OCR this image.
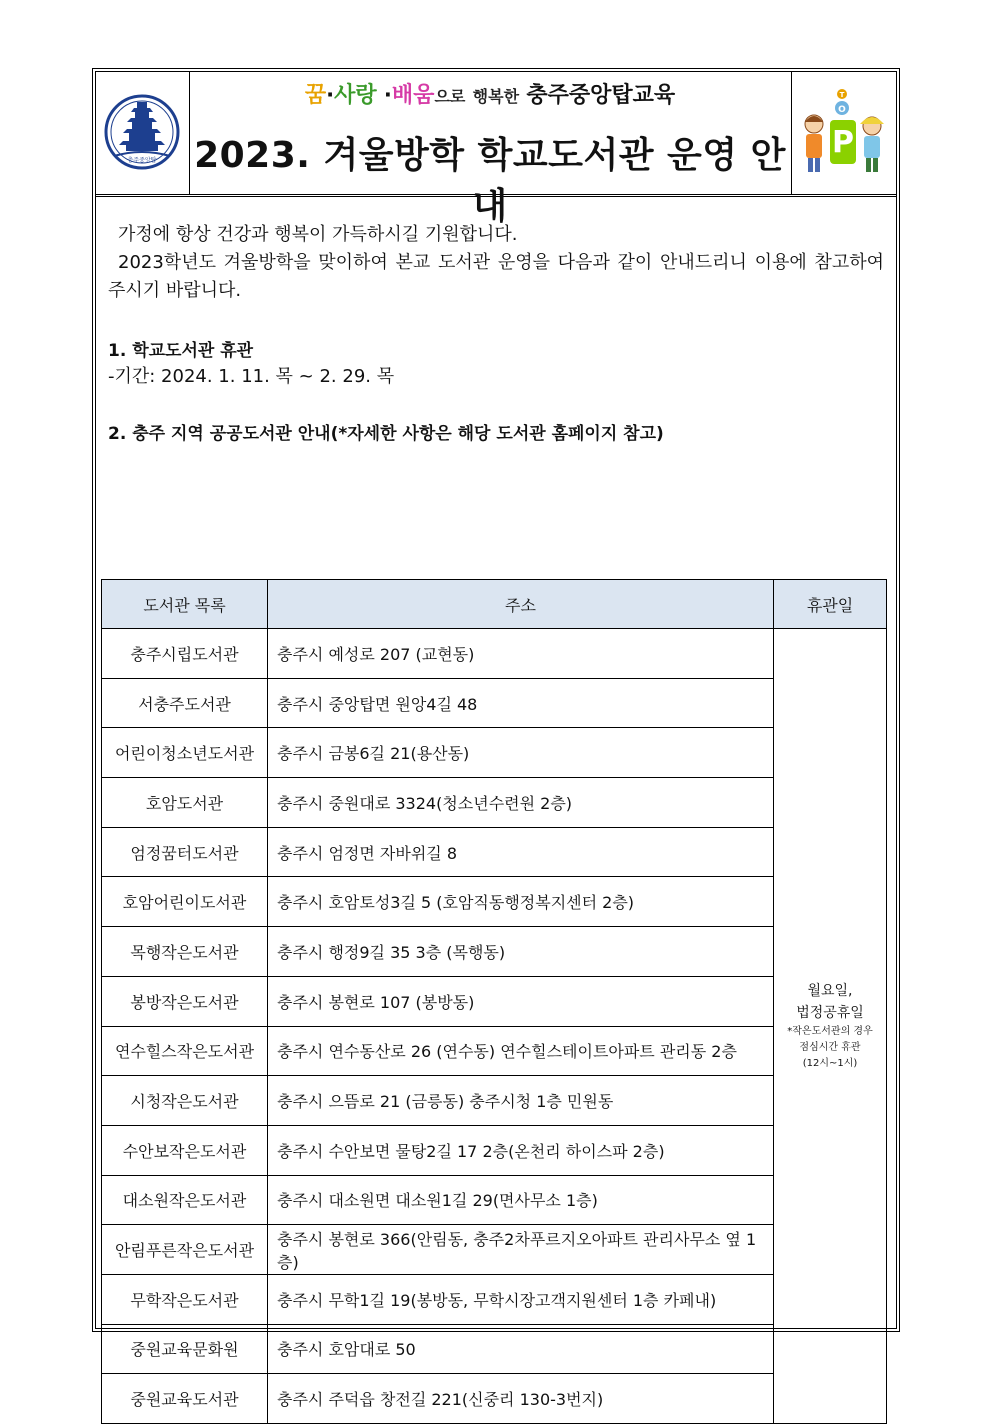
충주중앙탑
꿈·사랑 ·배움으로 행복한 충주중앙탑교육
2023. 겨울방학 학교도서관 운영 안내
T
O
P
가정에 항상 건강과 행복이 가득하시길 기원합니다.
2023학년도 겨울방학을 맞이하여 본교 도서관 운영을 다음과 같이 안내드리니 이용에 참고하여 주시기 바랍니다.
1. 학교도서관 휴관
-기간: 2024. 1. 11. 목 ~ 2. 29. 목
2. 충주 지역 공공도서관 안내(*자세한 사항은 해당 도서관 홈페이지 참고)
도서관 목록	주소	휴관일
충주시립도서관	충주시 예성로 207 (교현동)	월요일,
법정공휴일
*작은도서관의 경우
점심시간 휴관
(12시~1시)

서충주도서관	충주시 중앙탑면 원앙4길 48	
어린이청소년도서관	충주시 금봉6길 21(용산동)	
호암도서관	충주시 중원대로 3324(청소년수련원 2층)	
엄정꿈터도서관	충주시 엄정면 자바위길 8	
호암어린이도서관	충주시 호암토성3길 5 (호암직동행정복지센터 2층)	
목행작은도서관	충주시 행정9길 35 3층 (목행동)	
봉방작은도서관	충주시 봉현로 107 (봉방동)	
연수힐스작은도서관	충주시 연수동산로 26 (연수동) 연수힐스테이트아파트 관리동 2층	
시청작은도서관	충주시 으뜸로 21 (금릉동) 충주시청 1층 민원동	
수안보작은도서관	충주시 수안보면 물탕2길 17 2층(온천리 하이스파 2층)	
대소원작은도서관	충주시 대소원면 대소원1길 29(면사무소 1층)	
안림푸른작은도서관	충주시 봉현로 366(안림동, 충주2차푸르지오아파트 관리사무소 옆 1층)	
무학작은도서관	충주시 무학1길 19(봉방동, 무학시장고객지원센터 1층 카페내)	
중원교육문화원	충주시 호암대로 50	
중원교육도서관	충주시 주덕읍 창전길 221(신중리 130-3번지)	
